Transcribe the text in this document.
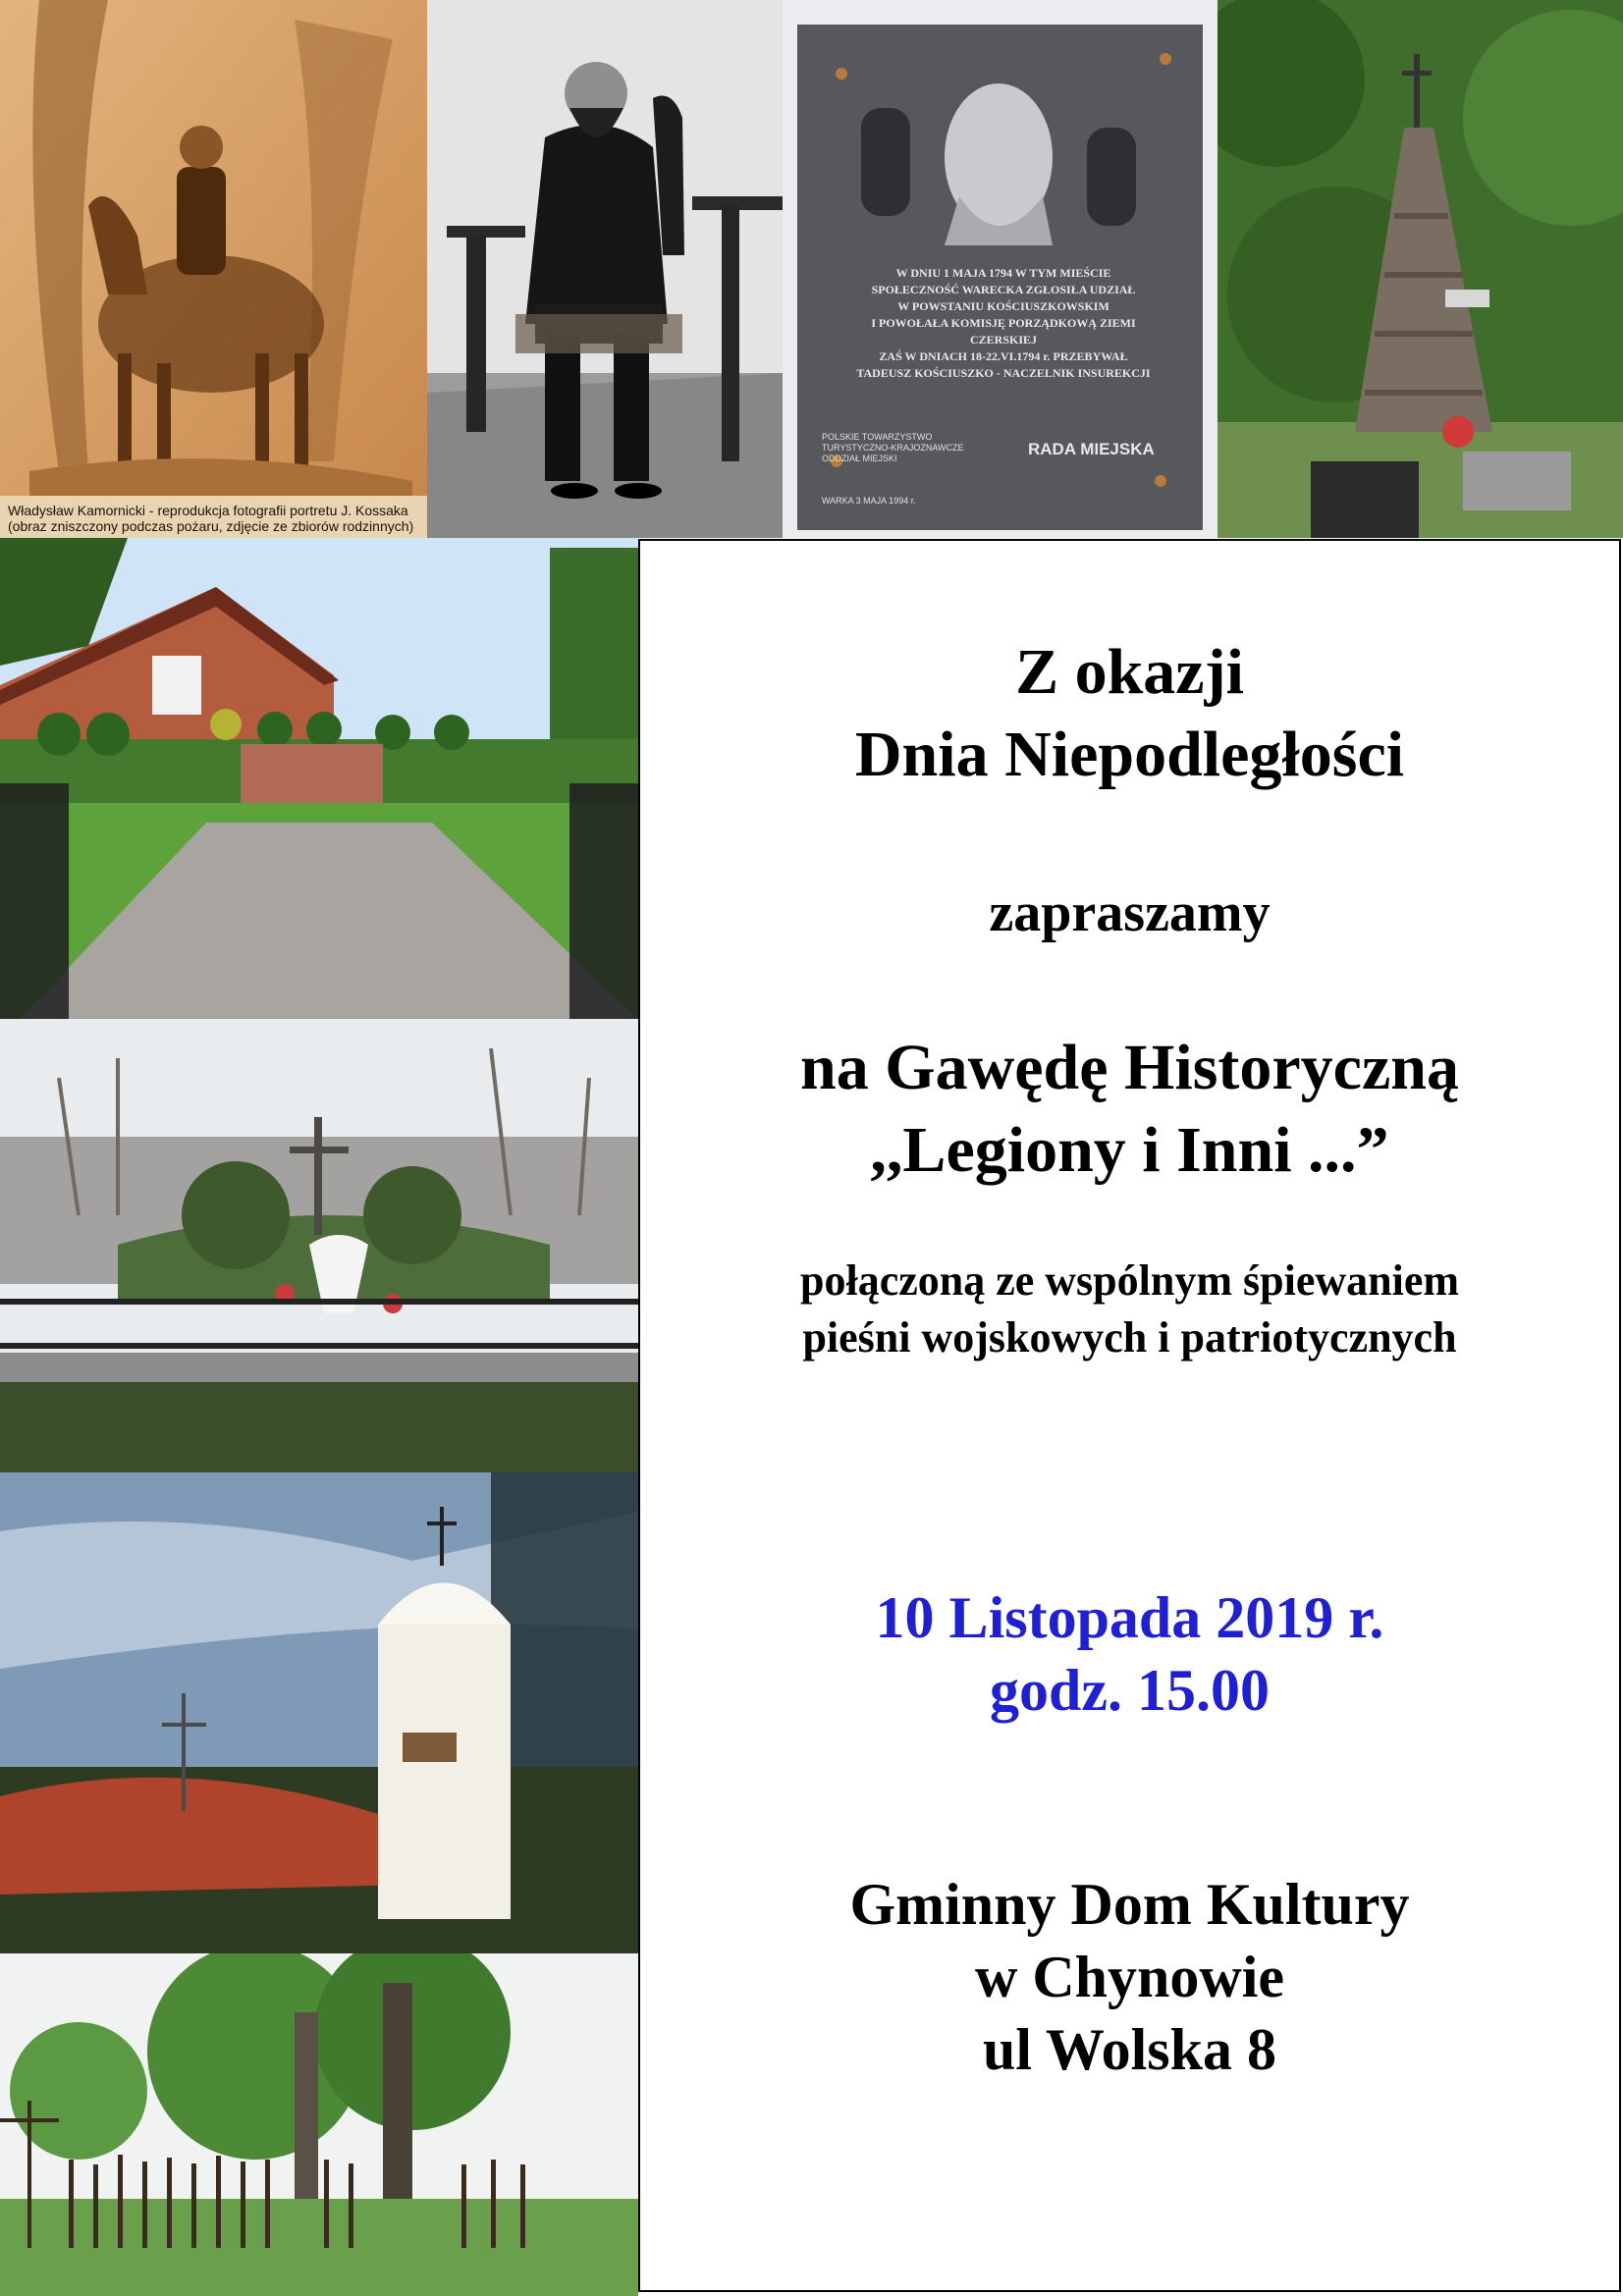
Władysław Kamornicki - reprodukcja fotografii portretu J. Kossaka
(obraz zniszczony podczas pożaru, zdjęcie ze zbiorów rodzinnych)
W DNIU 1 MAJA 1794 W TYM MIEŚCIE
SPOŁECZNOŚĆ WARECKA ZGŁOSIŁA UDZIAŁ
W POWSTANIU KOŚCIUSZKOWSKIM
I POWOŁAŁA KOMISJĘ PORZĄDKOWĄ ZIEMI CZERSKIEJ
ZAŚ W DNIACH 18-22.VI.1794 r. PRZEBYWAŁ
TADEUSZ KOŚCIUSZKO - NACZELNIK INSUREKCJI
POLSKIE TOWARZYSTWO TURYSTYCZNO-KRAJOZNAWCZE ODDZIAŁ MIEJSKI	RADA MIEJSKA
WARKA 3 MAJA 1994 r.
Z okazji
Dnia Niepodległości
zapraszamy
na Gawędę Historyczną
,,Legiony i Inni ...”
połączoną ze wspólnym śpiewaniem
pieśni wojskowych i patriotycznych
10 Listopada 2019 r.
godz. 15.00
Gminny Dom Kultury
w Chynowie
ul Wolska 8
